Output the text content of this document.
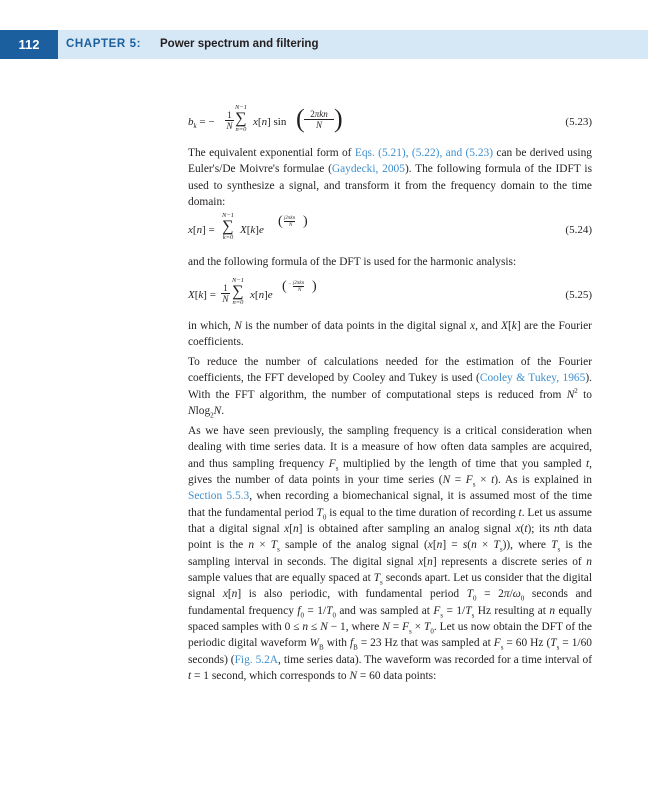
112	CHAPTER 5: Power spectrum and filtering
$b_k$ = − $\frac{1}{N}$
N−1
∑
n=0
x[n] sin ( 2πkn
N )	(5.23)

The equivalent exponential form of Eqs. (5.21), (5.22), and (5.23) can be derived using Euler's/De Moivre's formulae (Gaydecki, 2005). The following formula of the IDFT is used to synthesize a signal, and transform it from the frequency domain to the time domain:

x[n] =
N−1
∑
k=0
X[k]e
( j2πkn
N )
(5.24)

and the following formula of the DFT is used for the harmonic analysis:

$X[k] = \frac{1}{N}$
N−1
∑
n=0
x[n]e
( − j2πkn
N )
(5.25)

in which, N is the number of data points in the digital signal x, and X[k] are the Fourier coefficients.

To reduce the number of calculations needed for the estimation of the Fourier coefficients, the FFT developed by Cooley and Tukey is used (Cooley & Tukey, 1965). With the FFT algorithm, the number of computational steps is reduced from $N^2$ to Nlog$_2$N.

As we have seen previously, the sampling frequency is a critical consideration when dealing with time series data. It is a measure of how often data samples are acquired, and thus sampling frequency $F_s$ multiplied by the length of time that you sampled t, gives the number of data points in your time series $(N = F_s \times t)$. As is explained in Section 5.5.3, when recording a biomechanical signal, it is assumed most of the time that the fundamental period $T_0$ is equal to the time duration of recording t. Let us assume that a digital signal x[n] is obtained after sampling an analog signal x(t); its nth data point is the $n \times T_s$ sample of the analog signal $(x[n] = s(n \times T_s))$, where $T_s$ is the sampling interval in seconds. The digital signal x[n] represents a discrete series of n sample values that are equally spaced at $T_s$ seconds apart. Let us consider that the digital signal x[n] is also periodic, with fundamental period $T_0 = 2\pi/\omega_0$ seconds and fundamental frequency $f_0 = 1/T_0$ and was sampled at $F_s = 1/T_s$ Hz resulting at n equally spaced samples with 0 ≤ n ≤ N − 1, where $N = F_s \times T_0$. Let us now obtain the DFT of the periodic digital waveform $W_B$ with $f_B = 23$ Hz that was sampled at $F_s = 60$ Hz ($T_s = 1/60$ seconds) (Fig. 5.2A, time series data). The waveform was recorded for a time interval of t = 1 second, which corresponds to N = 60 data points:
